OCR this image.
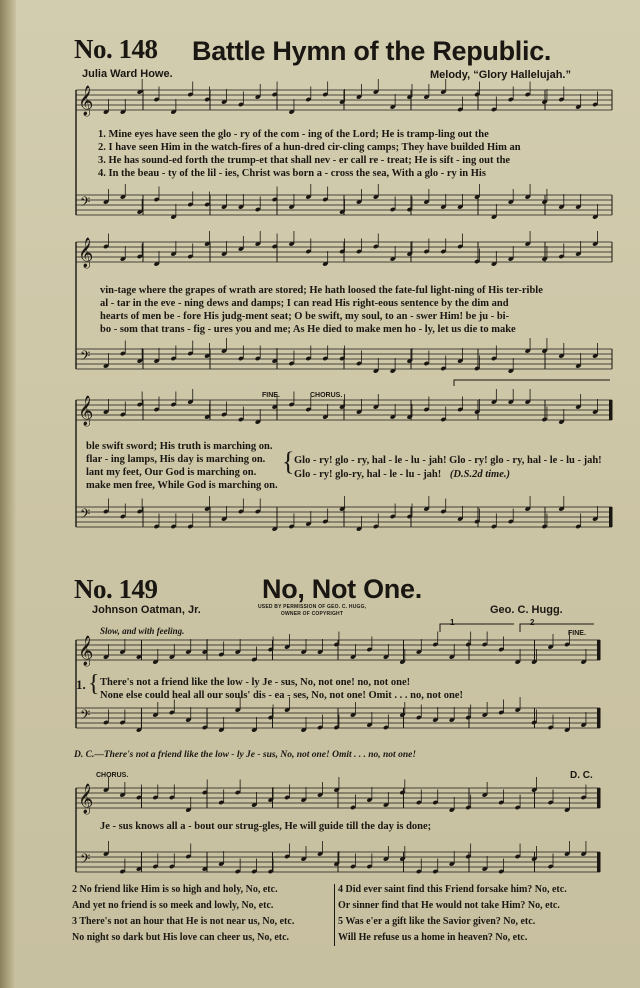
No. 148 Battle Hymn of the Republic.
Julia Ward Howe.	Melody, “Glory Hallelujah.”
𝄞
𝄢
𝄞
𝄢
𝄞
𝄢
𝄞
𝄢
𝄞
𝄢
1. Mine eyes have seen the glo - ry of the com - ing of the Lord; He is tramp-ling out the
2. I have seen Him in the watch-fires of a hun-dred cir-cling camps; They have builded Him an
3. He has sound-ed forth the trump-et that shall nev - er call re - treat; He is sift - ing out the
4. In the beau - ty of the lil - ies, Christ was born a - cross the sea, With a glo - ry in His
vin-tage where the grapes of wrath are stored; He hath loosed the fate-ful light-ning of His ter-rible
al - tar in the eve - ning dews and damps; I can read His right-eous sentence by the dim and
hearts of men be - fore His judg-ment seat; O be swift, my soul, to an - swer Him! be ju - bi-
bo - som that trans - fig - ures you and me; As He died to make men ho - ly, let us die to make
FINE.	CHORUS.
ble swift sword; His truth is marching on.
flar - ing lamps, His day is marching on.
lant my feet, Our God is marching on.
make men free, While God is marching on.
{ Glo - ry! glo - ry, hal - le - lu - jah! Glo - ry! glo - ry, hal - le - lu - jah!
Glo - ry! glo-ry, hal - le - lu - jah! (D.S.2d time.)
No. 149	No, Not One.
Johnson Oatman, Jr.	USED BY PERMISSION OF GEO. C. HUGG,
OWNER OF COPYRIGHT	Geo. C. Hugg.
Slow, and with feeling.
1	2
FINE.
1. { There's not a friend like the low - ly Je - sus, No, not one! no, not one!
None else could heal all our souls' dis - ea - ses, No, not one! Omit . . . no, not one!
D. C.—There's not a friend like the low - ly Je - sus, No, not one! Omit . . . no, not one!
CHORUS.	D. C.
Je - sus knows all a - bout our strug-gles, He will guide till the day is done;
2 No friend like Him is so high and holy, No, etc.
And yet no friend is so meek and lowly, No, etc.
3 There's not an hour that He is not near us, No, etc.
No night so dark but His love can cheer us, No, etc.
4 Did ever saint find this Friend forsake him? No, etc.
Or sinner find that He would not take Him? No, etc.
5 Was e'er a gift like the Savior given? No, etc.
Will He refuse us a home in heaven? No, etc.
